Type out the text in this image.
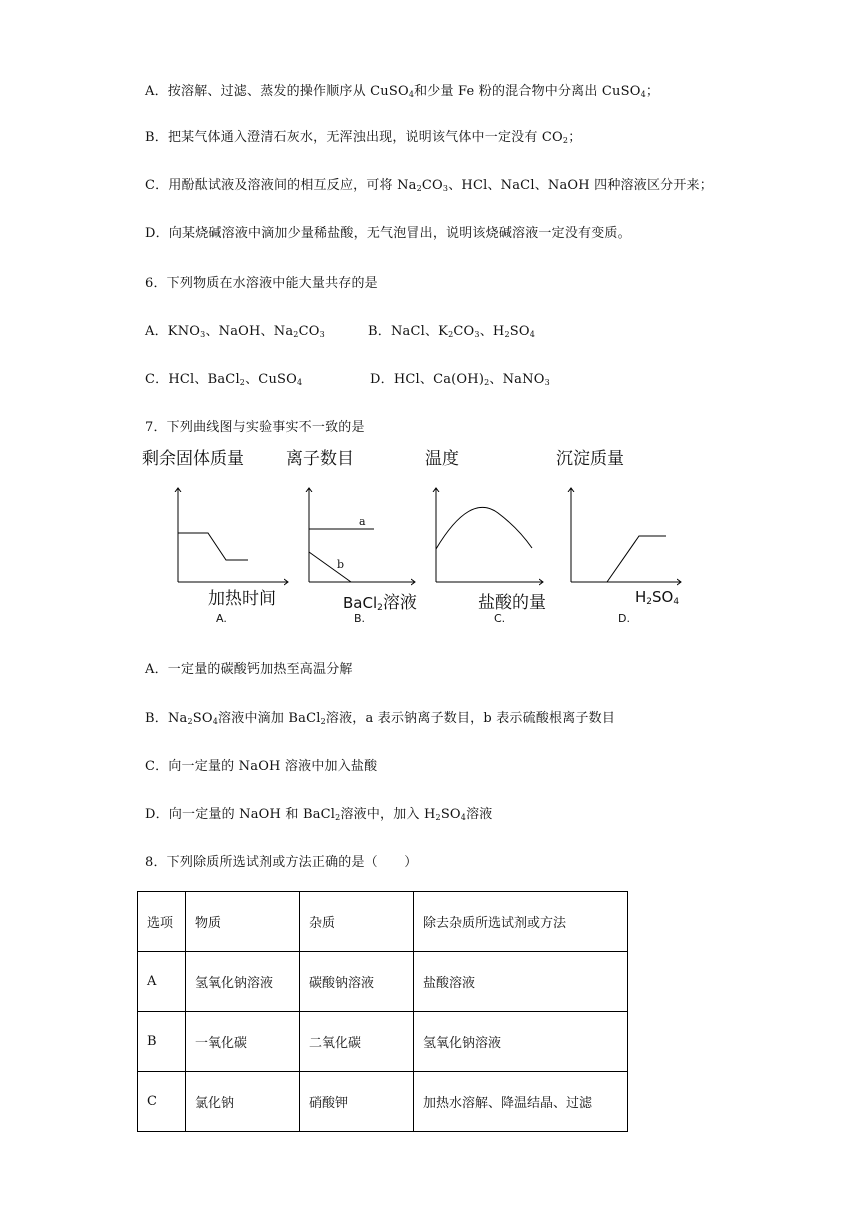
A．按溶解、过滤、蒸发的操作顺序从 CuSO$_4$和少量 Fe 粉的混合物中分离出 CuSO$_4$；
B．把某气体通入澄清石灰水，无浑浊出现，说明该气体中一定没有 $CO_2$；
C．用酚酞试液及溶液间的相互反应，可将 $Na_2CO_3$、HCl、NaCl、NaOH 四种溶液区分开来；
D．向某烧碱溶液中滴加少量稀盐酸，无气泡冒出，说明该烧碱溶液一定没有变质。
6．下列物质在水溶液中能大量共存的是
A．$KNO_3$、NaOH、$Na_2CO_3$	B．NaCl、$K_2CO_3$、$H_2SO_4$
C．HCl、BaCl$_2$、CuSO$_4$	D．HCl、$Ca(OH)_2$、NaNO$_3$
7．下列曲线图与实验事实不一致的是
剩余固体质量
加热时间
A.
离子数目
a
b
BaCl$_2$溶液
B.
温度
盐酸的量
C.
沉淀质量
$H_2SO_4$
D.
A．一定量的碳酸钙加热至高温分解
B．$Na_2SO_4$溶液中滴加 BaCl$_2$溶液，a 表示钠离子数目，b 表示硫酸根离子数目
C．向一定量的 NaOH 溶液中加入盐酸
D．向一定量的 NaOH 和 BaCl$_2$溶液中，加入 $H_2SO_4$溶液
8．下列除质所选试剂或方法正确的是（　　）
选项	物质	杂质	除去杂质所选试剂或方法
A	氢氧化钠溶液	碳酸钠溶液	盐酸溶液
B	一氧化碳	二氧化碳	氢氧化钠溶液
C	氯化钠	硝酸钾	加热水溶解、降温结晶、过滤
